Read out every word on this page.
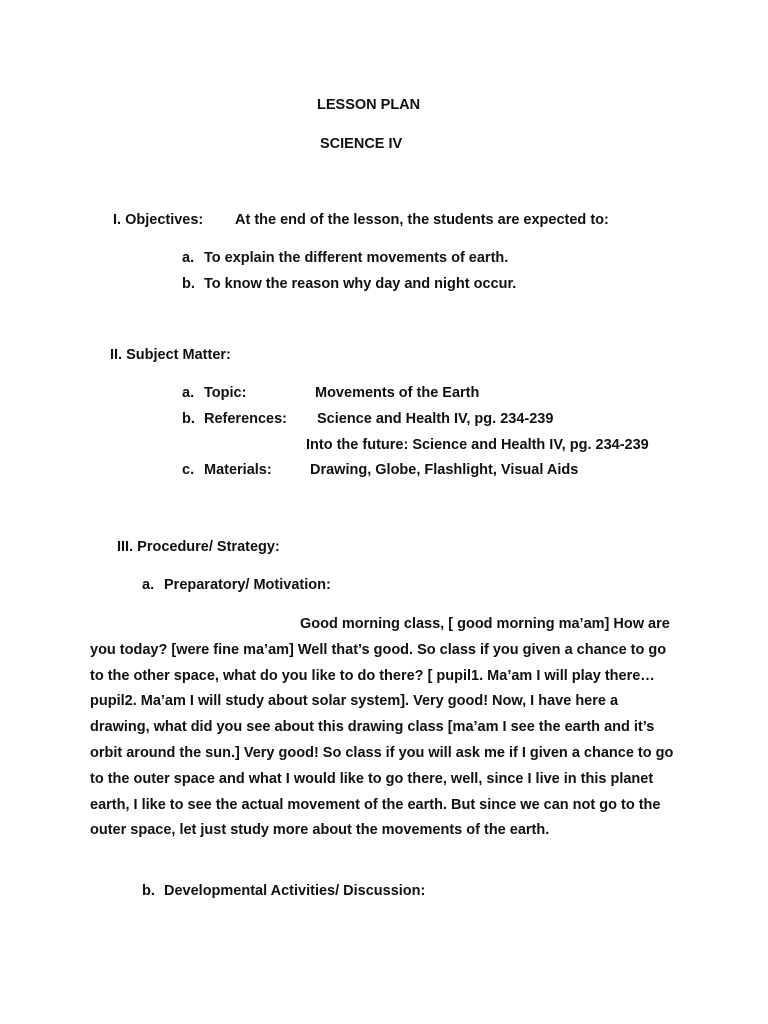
LESSON PLAN
SCIENCE IV
I. Objectives: At the end of the lesson, the students are expected to:
a. To explain the different movements of earth.
b. To know the reason why day and night occur.
II. Subject Matter:
a. Topic:	Movements of the Earth
b. References: Science and Health IV, pg. 234-239
Into the future: Science and Health IV, pg. 234-239
c. Materials:	Drawing, Globe, Flashlight, Visual Aids
III. Procedure/ Strategy:
a. Preparatory/ Motivation:
Good morning class, [ good morning ma’am] How are you today? [were fine ma’am] Well that’s good. So class if you given a chance to go to the other space, what do you like to do there? [ pupil1. Ma’am I will play there… pupil2. Ma’am I will study about solar system]. Very good! Now, I have here a drawing, what did you see about this drawing class [ma’am I see the earth and it’s orbit around the sun.] Very good! So class if you will ask me if I given a chance to go to the outer space and what I would like to go there, well, since I live in this planet earth, I like to see the actual movement of the earth. But since we can not go to the outer space, let just study more about the movements of the earth.
b. Developmental Activities/ Discussion:
